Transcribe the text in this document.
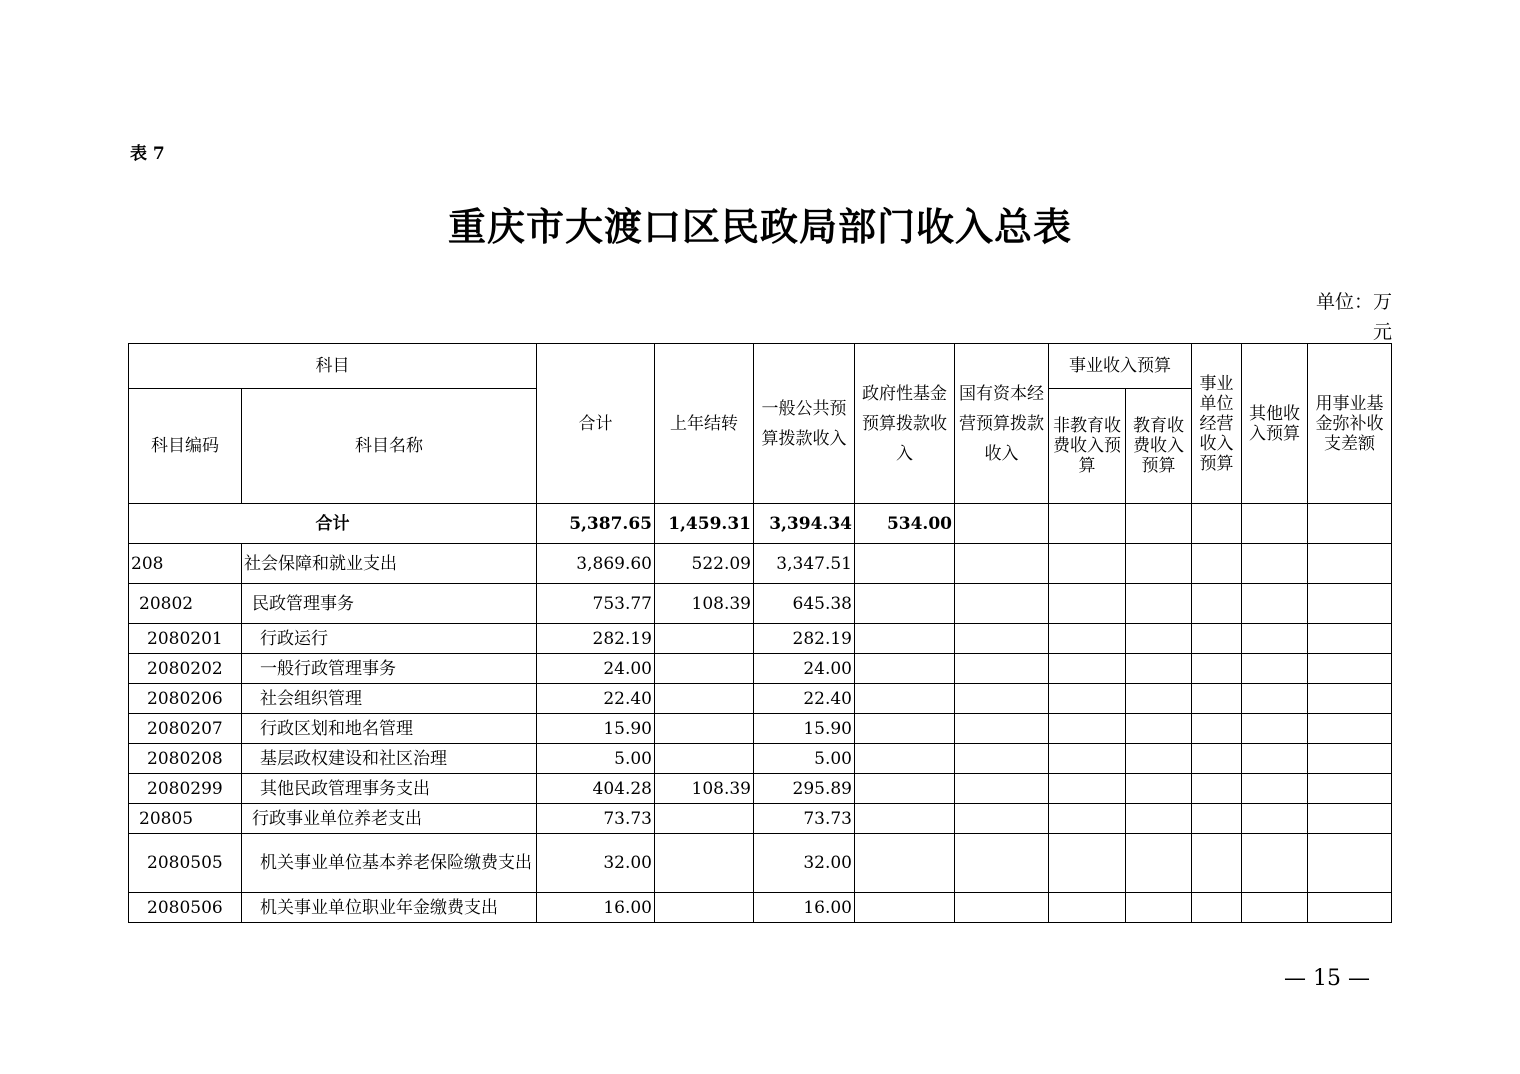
表 7
重庆市大渡口区民政局部门收入总表
单位：万元
科目		合计	上年结转	一般公共预算拨款收入	政府性基金预算拨款收入	国有资本经营预算拨款收入	事业收入预算		事业单位经营收入预算	其他收入预算	用事业基金弥补收支差额
科目编码	科目名称						非教育收费收入预算	教育收费收入预算			
合计		5,387.65	1,459.31	3,394.34	534.00						
208	社会保障和就业支出	3,869.60	522.09	3,347.51							
20802	民政管理事务	753.77	108.39	645.38							
2080201	行政运行	282.19		282.19							
2080202	一般行政管理事务	24.00		24.00							
2080206	社会组织管理	22.40		22.40							
2080207	行政区划和地名管理	15.90		15.90							
2080208	基层政权建设和社区治理	5.00		5.00							
2080299	其他民政管理事务支出	404.28	108.39	295.89							
20805	行政事业单位养老支出	73.73		73.73							
2080505	机关事业单位基本养老保险缴费支出	32.00		32.00							
2080506	机关事业单位职业年金缴费支出	16.00		16.00							
— 15 —
